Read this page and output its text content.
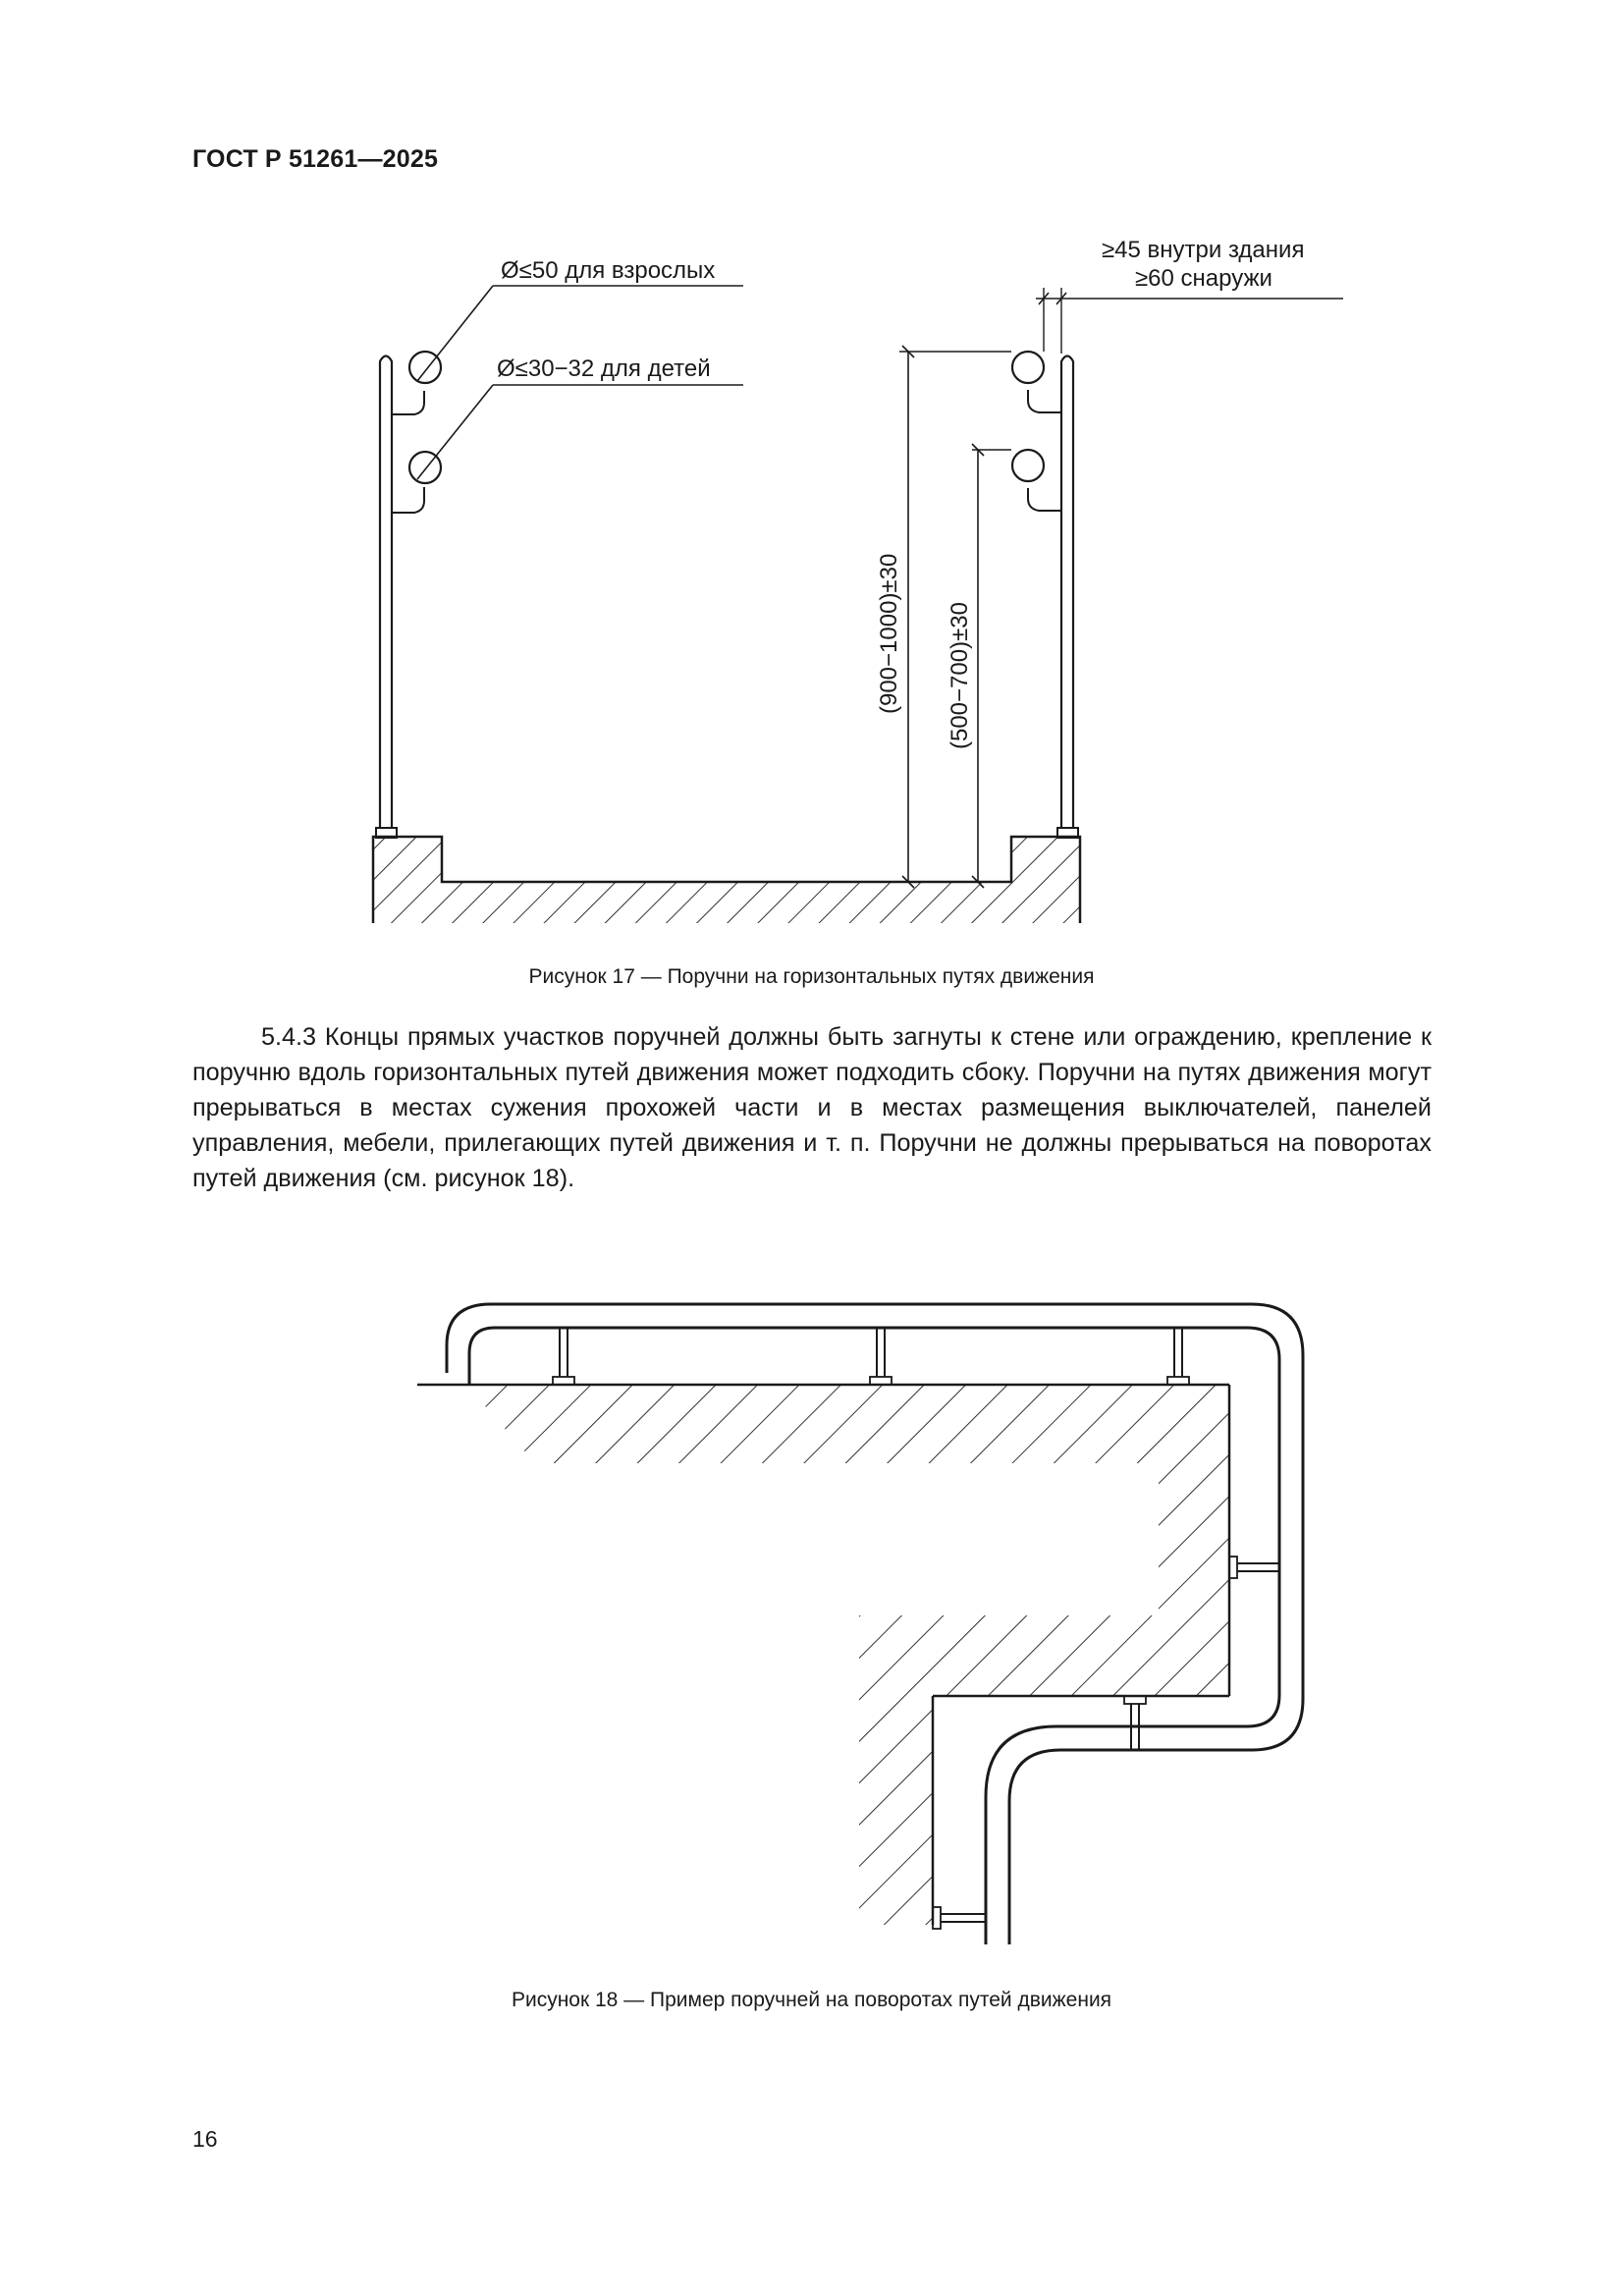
ГОСТ Р 51261—2025
Ø≤50 для взрослых
Ø≤30−32 для детей
≥45 внутри здания
≥60 снаружи
(900−1000)±30 (500−700)±30
Рисунок 17 — Поручни на горизонтальных путях движения
5.4.3 Концы прямых участков поручней должны быть загнуты к стене или ограждению, крепление к поручню вдоль горизонтальных путей движения может подходить сбоку. Поручни на путях движения могут прерываться в местах сужения прохожей части и в местах размещения выключателей, панелей управления, мебели, прилегающих путей движения и т. п. Поручни не должны прерываться на поворотах путей движения (см. рисунок 18).
Рисунок 18 — Пример поручней на поворотах путей движения
16
